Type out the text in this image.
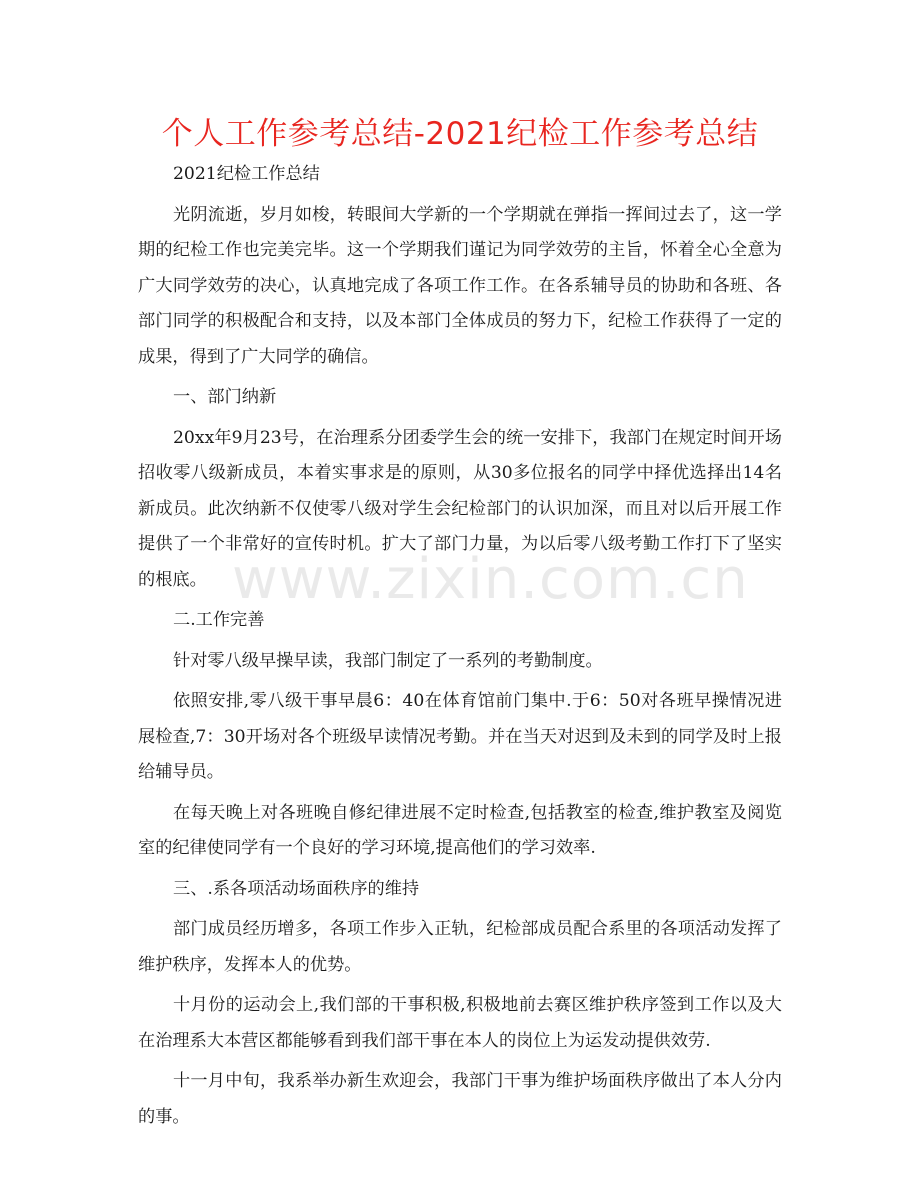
个人工作参考总结-2021纪检工作参考总结

2021纪检工作总结

光阴流逝，岁月如梭，转眼间大学新的一个学期就在弹指一挥间过去了，这一学期的纪检工作也完美完毕。这一个学期我们谨记为同学效劳的主旨，怀着全心全意为广大同学效劳的决心，认真地完成了各项工作工作。在各系辅导员的协助和各班、各部门同学的积极配合和支持，以及本部门全体成员的努力下，纪检工作获得了一定的成果，得到了广大同学的确信。

一、部门纳新

20xx年9月23号，在治理系分团委学生会的统一安排下，我部门在规定时间开场招收零八级新成员，本着实事求是的原则，从30多位报名的同学中择优选择出14名新成员。此次纳新不仅使零八级对学生会纪检部门的认识加深，而且对以后开展工作提供了一个非常好的宣传时机。扩大了部门力量，为以后零八级考勤工作打下了坚实的根底。

二.工作完善

针对零八级早操早读，我部门制定了一系列的考勤制度。

依照安排,零八级干事早晨6：40在体育馆前门集中.于6：50对各班早操情况进展检查,7：30开场对各个班级早读情况考勤。并在当天对迟到及未到的同学及时上报给辅导员。

在每天晚上对各班晚自修纪律进展不定时检查,包括教室的检查,维护教室及阅览室的纪律使同学有一个良好的学习环境,提高他们的学习效率.

三、.系各项活动场面秩序的维持

部门成员经历增多，各项工作步入正轨，纪检部成员配合系里的各项活动发挥了维护秩序，发挥本人的优势。

十月份的运动会上,我们部的干事积极,积极地前去赛区维护秩序签到工作以及大在治理系大本营区都能够看到我们部干事在本人的岗位上为运发动提供效劳.

十一月中旬，我系举办新生欢迎会，我部门干事为维护场面秩序做出了本人分内的事。

www.zixin.com.cn
